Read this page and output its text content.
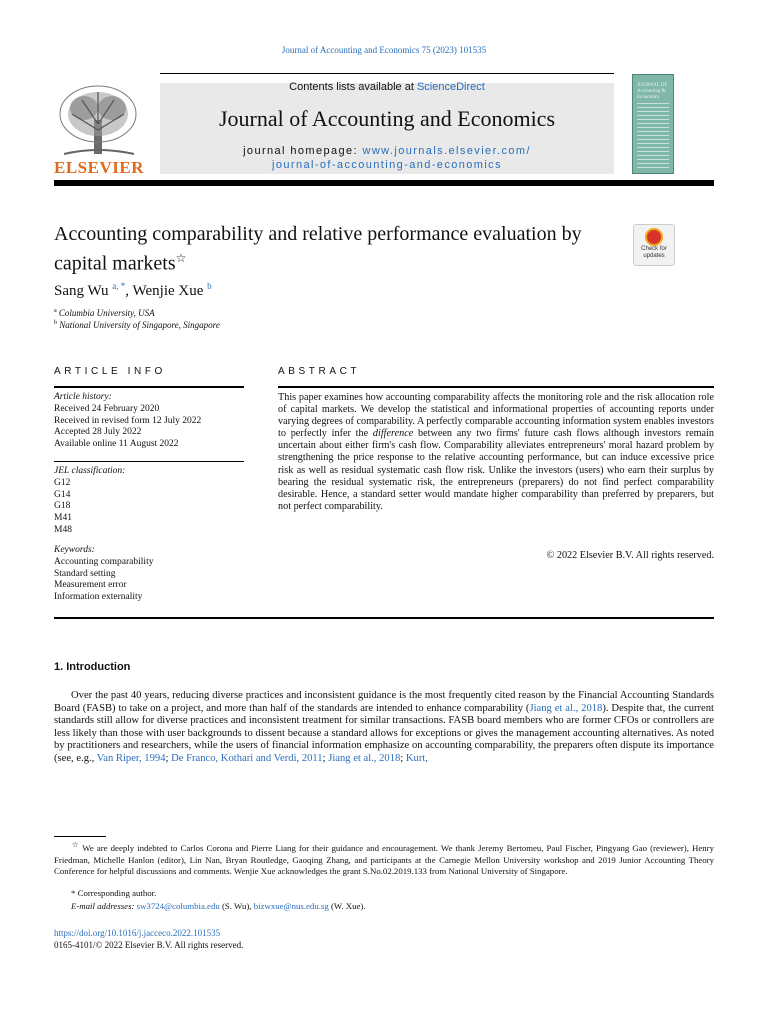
Journal of Accounting and Economics 75 (2023) 101535
ELSEVIER
Contents lists available at ScienceDirect
Journal of Accounting and Economics
journal homepage: www.journals.elsevier.com/
journal-of-accounting-and-economics
JOURNAL OF Accounting & Economics
Accounting comparability and relative performance evaluation by capital markets☆
Check for
updates
Sang Wu $^{a, *}$, Wenjie Xue $^b$
$^a$ Columbia University, USA
$^b$ National University of Singapore, Singapore
ARTICLE INFO	ABSTRACT
Article history:
Received 24 February 2020
Received in revised form 12 July 2022
Accepted 28 July 2022
Available online 11 August 2022
JEL classification:
G12
G14
G18
M41
M48
Keywords:
Accounting comparability
Standard setting
Measurement error
Information externality
This paper examines how accounting comparability affects the monitoring role and the risk allocation role of capital markets. We develop the statistical and informational properties of accounting reports under varying degrees of comparability. A perfectly comparable accounting information system enables investors to perfectly infer the difference between any two firms' future cash flows although investors remain uncertain about either firm's cash flow. Comparability alleviates entrepreneurs' moral hazard problem by strengthening the price response to the relative accounting performance, but can induce excessive price risk as well as residual systematic cash flow risk. Unlike the investors (users) who earn their surplus by bearing the residual systematic risk, the entrepreneurs (preparers) do not find perfect comparability desirable. Hence, a standard setter would mandate higher comparability than preferred by preparers, but not perfect comparability.
© 2022 Elsevier B.V. All rights reserved.
1. Introduction
Over the past 40 years, reducing diverse practices and inconsistent guidance is the most frequently cited reason by the Financial Accounting Standards Board (FASB) to take on a project, and more than half of the standards are intended to enhance comparability (Jiang et al., 2018). Despite that, the current standards still allow for diverse practices and inconsistent treatment for similar transactions. FASB board members who are former CFOs or controllers are less likely than those with user backgrounds to dissent because a standard allows for exceptions or gives the management accounting alternatives. As noted by practitioners and researchers, while the users of financial information emphasize on accounting comparability, the preparers often dispute its importance (see, e.g., Van Riper, 1994; De Franco, Kothari and Verdi, 2011; Jiang et al., 2018; Kurt,
☆ We are deeply indebted to Carlos Corona and Pierre Liang for their guidance and encouragement. We thank Jeremy Bertomeu, Paul Fischer, Pingyang Gao (reviewer), Henry Friedman, Michelle Hanlon (editor), Lin Nan, Bryan Routledge, Gaoqing Zhang, and participants at the Carnegie Mellon University workshop and 2019 Junior Accounting Theory Conference for helpful discussions and comments. Wenjie Xue acknowledges the grant S.No.02.2019.133 from National University of Singapore.
* Corresponding author.
E-mail addresses: sw3724@columbia.edu (S. Wu), bizwxue@nus.edu.sg (W. Xue).
https://doi.org/10.1016/j.jacceco.2022.101535
0165-4101/© 2022 Elsevier B.V. All rights reserved.
